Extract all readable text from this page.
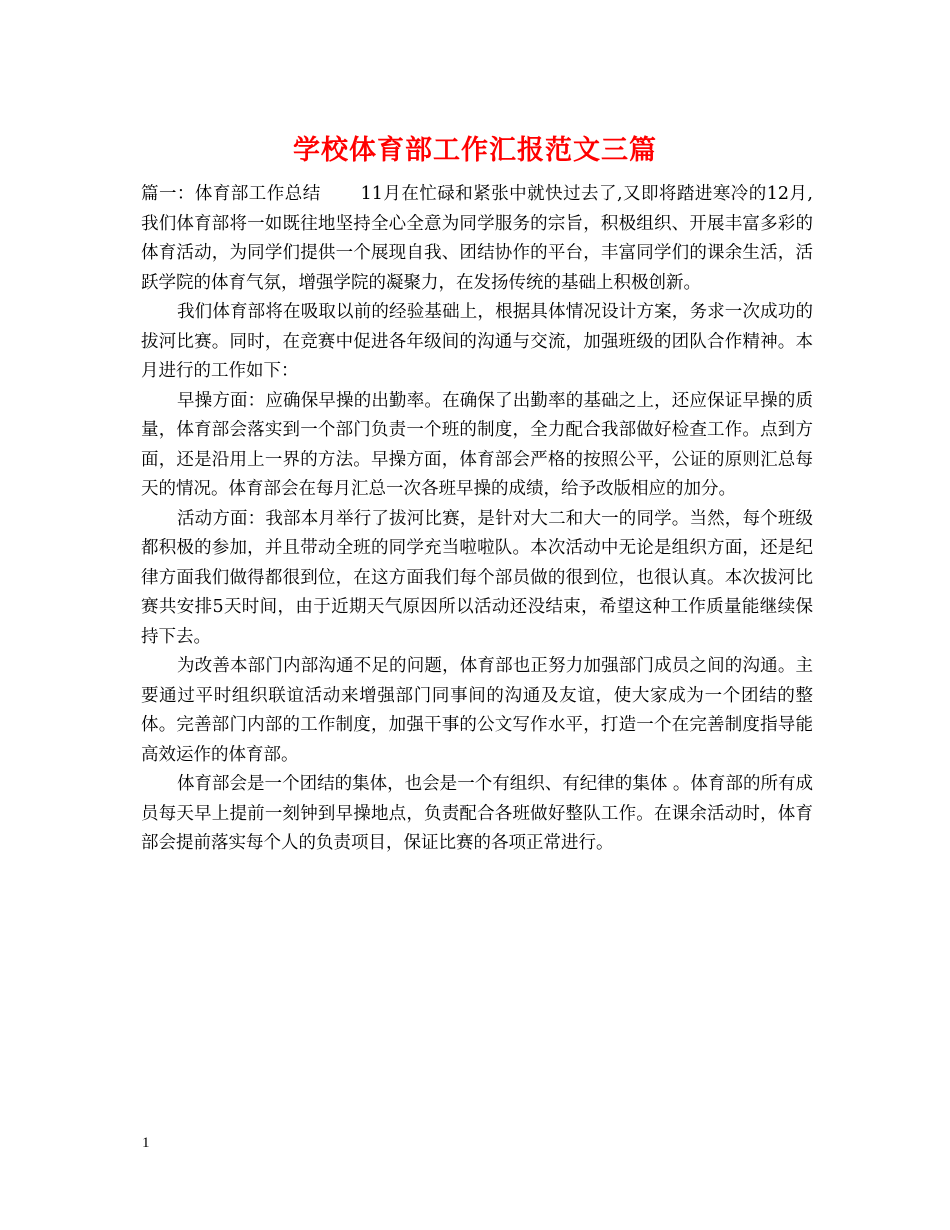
学校体育部工作汇报范文三篇

篇一：体育部工作总结 11月在忙碌和紧张中就快过去了,又即将踏进寒冷的12月,我们体育部将一如既往地坚持全心全意为同学服务的宗旨，积极组织、开展丰富多彩的体育活动，为同学们提供一个展现自我、团结协作的平台，丰富同学们的课余生活，活跃学院的体育气氛，增强学院的凝聚力，在发扬传统的基础上积极创新。

我们体育部将在吸取以前的经验基础上，根据具体情况设计方案，务求一次成功的拔河比赛。同时，在竞赛中促进各年级间的沟通与交流，加强班级的团队合作精神。本月进行的工作如下：

早操方面：应确保早操的出勤率。在确保了出勤率的基础之上，还应保证早操的质量，体育部会落实到一个部门负责一个班的制度，全力配合我部做好检查工作。点到方面，还是沿用上一界的方法。早操方面，体育部会严格的按照公平，公证的原则汇总每天的情况。体育部会在每月汇总一次各班早操的成绩，给予改版相应的加分。

活动方面：我部本月举行了拔河比赛，是针对大二和大一的同学。当然，每个班级都积极的参加，并且带动全班的同学充当啦啦队。本次活动中无论是组织方面，还是纪律方面我们做得都很到位，在这方面我们每个部员做的很到位，也很认真。本次拔河比赛共安排5天时间，由于近期天气原因所以活动还没结束，希望这种工作质量能继续保持下去。

为改善本部门内部沟通不足的问题，体育部也正努力加强部门成员之间的沟通。主要通过平时组织联谊活动来增强部门同事间的沟通及友谊，使大家成为一个团结的整体。完善部门内部的工作制度，加强干事的公文写作水平，打造一个在完善制度指导能高效运作的体育部。

体育部会是一个团结的集体，也会是一个有组织、有纪律的集体 。体育部的所有成员每天早上提前一刻钟到早操地点，负责配合各班做好整队工作。在课余活动时，体育部会提前落实每个人的负责项目，保证比赛的各项正常进行。

1
